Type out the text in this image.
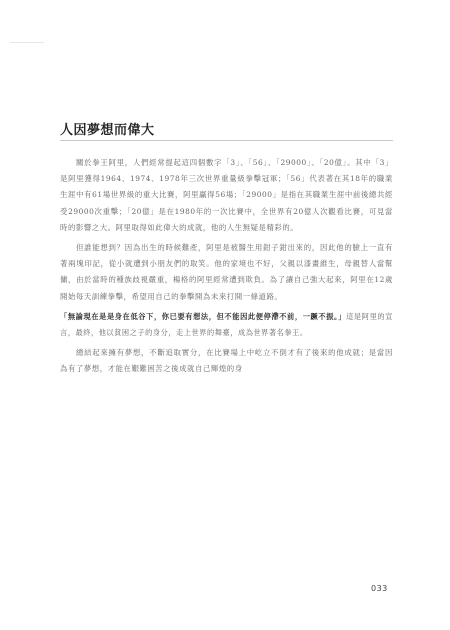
人因夢想而偉大

關於拳王阿里，人們經常提起這四個數字「3」、「56」、「29000」、「20億」。其中「3」是阿里獲得1964、1974、1978年三次世界重量級拳擊冠軍；「56」代表著在其18年的職業生涯中有61場世界級的重大比賽，阿里贏得56場；「29000」是指在其職業生涯中前後總共經受29000次重擊；「20億」是在1980年的一次比賽中，全世界有20億人次觀看比賽，可見當時的影響之大。阿里取得如此偉大的成就，他的人生無疑是精彩的。

但誰能想到？因為出生的時候難產，阿里是被醫生用鉗子鉗出來的，因此他的臉上一直有著兩塊印記，從小就遭到小朋友們的取笑。他的家境也不好，父親以漆畫維生，母親替人當幫傭，由於當時的種族歧視嚴重，楊格的阿里經常遭到欺負。為了讓自己強大起來，阿里在12歲開始每天訓練拳擊，希望用自己的拳擊開為未來打開一條道路。

「無論現在是是身在低谷下，你已要有想法，但不能因此便停滯不前，一蹶不振。」這是阿里的宣言，最終，他以貧困之子的身分，走上世界的舞臺，成為世界著名拳王。

總結起來擁有夢想，不斷追取實分，在比賽場上中屹立不倒才有了後來的他成就；是當因為有了夢想，才能在艱難困苦之後成就自己輝煌的身

033
